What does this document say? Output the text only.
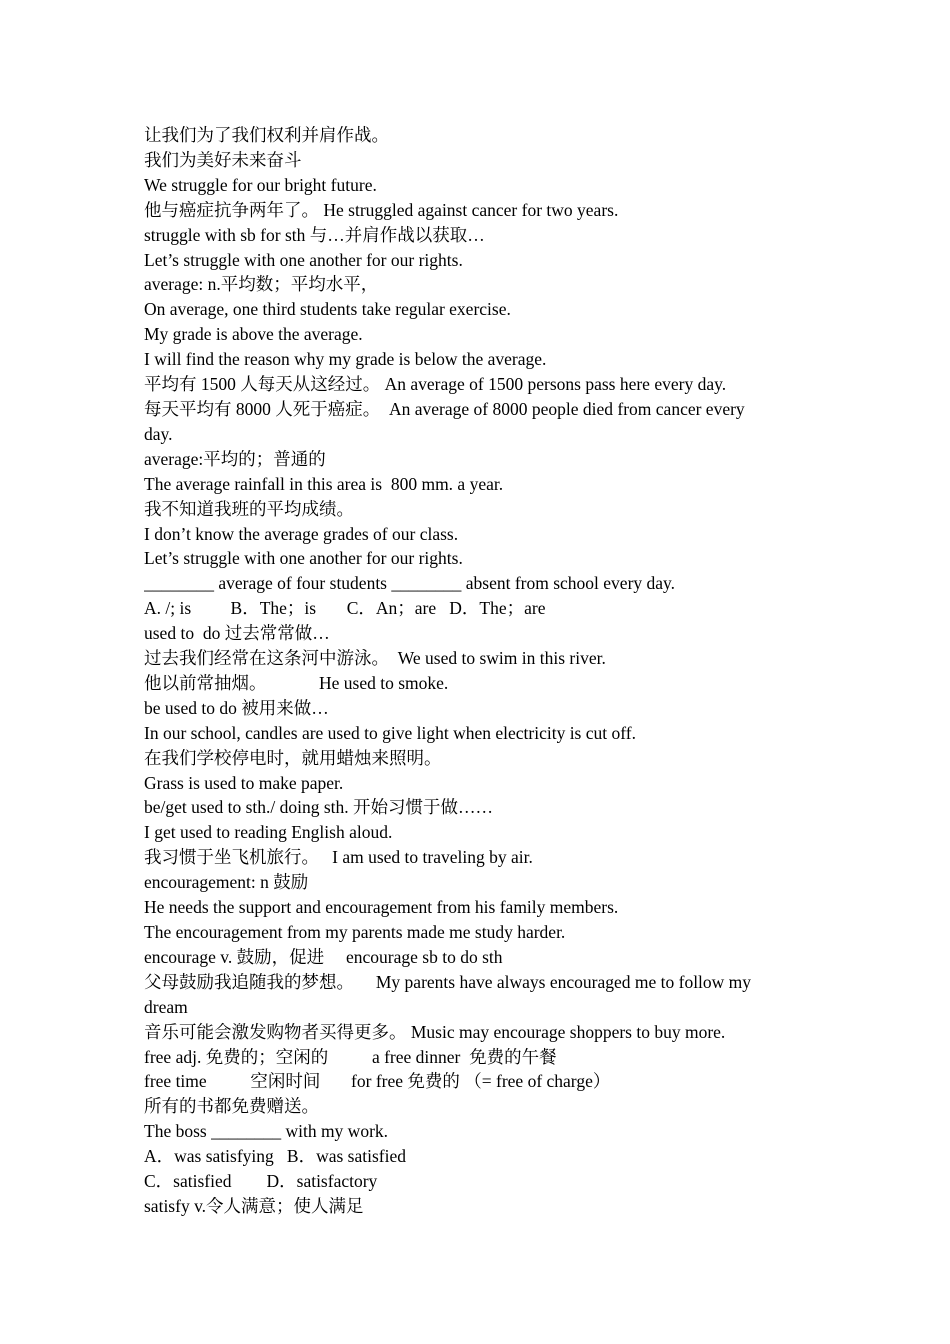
让我们为了我们权利并肩作战。
我们为美好未来奋斗
We struggle for our bright future.
他与癌症抗争两年了。 He struggled against cancer for two years.
struggle with sb for sth 与…并肩作战以获取…
Let’s struggle with one another for our rights.
average: n.平均数；平均水平，
On average, one third students take regular exercise.
My grade is above the average.
I will find the reason why my grade is below the average.
平均有 1500 人每天从这经过。 An average of 1500 persons pass here every day.
每天平均有 8000 人死于癌症。  An average of 8000 people died from cancer every
day.
average:平均的；普通的
The average rainfall in this area is  800 mm. a year.
我不知道我班的平均成绩。
I don’t know the average grades of our class.
Let’s struggle with one another for our rights.
________ average of four students ________ absent from school every day.
A. /; is         B．The；is       C．An；are   D．The；are
used to  do 过去常常做…
过去我们经常在这条河中游泳。  We used to swim in this river.
他以前常抽烟。            He used to smoke.
be used to do 被用来做…
In our school, candles are used to give light when electricity is cut off.
在我们学校停电时，就用蜡烛来照明。
Grass is used to make paper.
be/get used to sth./ doing sth. 开始习惯于做……
I get used to reading English aloud.
我习惯于坐飞机旅行。   I am used to traveling by air.
encouragement: n 鼓励
He needs the support and encouragement from his family members.
The encouragement from my parents made me study harder.
encourage v. 鼓励，促进     encourage sb to do sth
父母鼓励我追随我的梦想。     My parents have always encouraged me to follow my
dream
音乐可能会激发购物者买得更多。 Music may encourage shoppers to buy more.
free adj. 免费的；空闲的          a free dinner  免费的午餐
free time          空闲时间       for free 免费的 （= free of charge）
所有的书都免费赠送。
The boss ________ with my work.
A．was satisfying   B．was satisfied
C．satisfied        D．satisfactory
satisfy v.令人满意；使人满足
